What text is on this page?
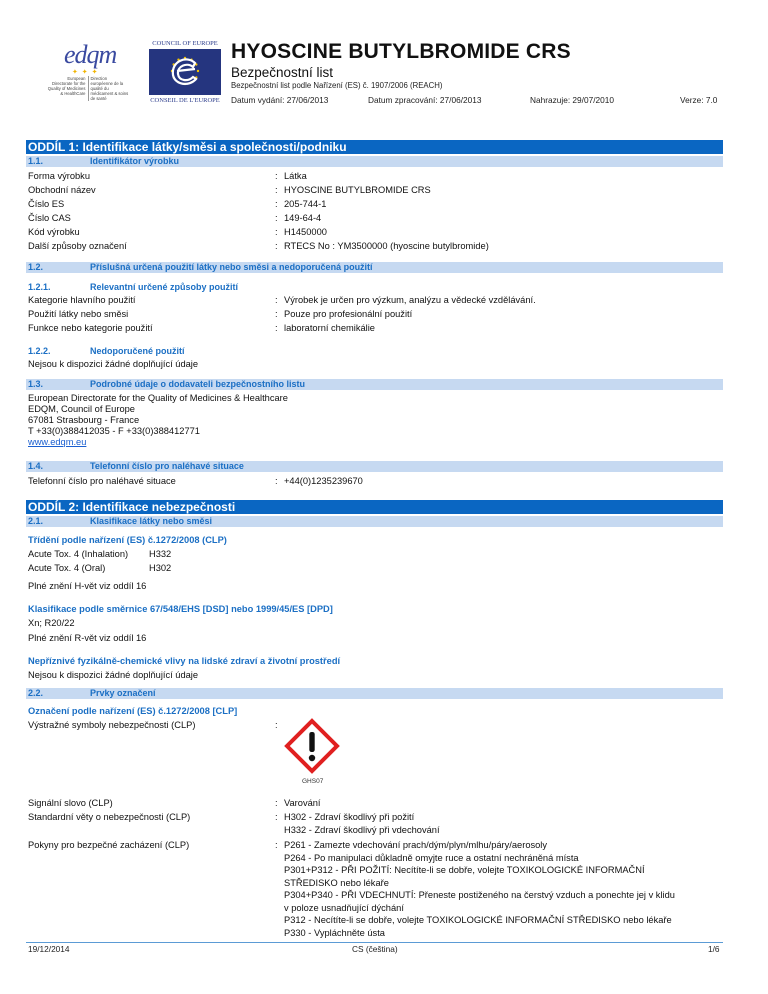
edqm
✦ ✦ ✦
European Directorate for the Quality of Medicines & HealthCare
Direction européenne de la qualité du médicament & soins de santé
COUNCIL OF EUROPE
CONSEIL DE L'EUROPE
HYOSCINE BUTYLBROMIDE CRS
Bezpečnostní list
Bezpečnostní list podle Nařízení (ES) č. 1907/2006 (REACH)
Datum vydání: 27/06/2013	Datum zpracování: 27/06/2013	Nahrazuje: 29/07/2010	Verze: 7.0
ODDÍL 1: Identifikace látky/směsi a společnosti/podniku
1.1.	Identifikátor výrobku
Forma výrobku	: Látka
Obchodní název	: HYOSCINE BUTYLBROMIDE CRS
Číslo ES	: 205-744-1
Číslo CAS	: 149-64-4
Kód výrobku	: H1450000
Další způsoby označení	: RTECS No : YM3500000 (hyoscine butylbromide)
1.2.	Příslušná určená použití látky nebo směsi a nedoporučená použití
1.2.1.	Relevantní určené způsoby použití
Kategorie hlavního použití	: Výrobek je určen pro výzkum, analýzu a vědecké vzdělávání.
Použití látky nebo směsi	: Pouze pro profesionální použití
Funkce nebo kategorie použití	: laboratorní chemikálie
1.2.2.	Nedoporučené použití
Nejsou k dispozici žádné doplňující údaje
1.3.	Podrobné údaje o dodavateli bezpečnostního listu
European Directorate for the Quality of Medicines & Healthcare
EDQM, Council of Europe
67081 Strasbourg - France
T +33(0)388412035 - F +33(0)388412771
www.edqm.eu
1.4.	Telefonní číslo pro naléhavé situace
Telefonní číslo pro naléhavé situace	: +44(0)1235239670
ODDÍL 2: Identifikace nebezpečnosti
2.1.	Klasifikace látky nebo směsi
Třídění podle nařízení (ES) č.1272/2008 (CLP)
Acute Tox. 4 (Inhalation) H332
Acute Tox. 4 (Oral)	H302
Plné znění H-vět viz oddíl 16
Klasifikace podle směrnice 67/548/EHS [DSD] nebo 1999/45/ES [DPD]
Xn; R20/22
Plné znění R-vět viz oddíl 16
Nepříznivé fyzikálně-chemické vlivy na lidské zdraví a životní prostředí
Nejsou k dispozici žádné doplňující údaje
2.2.	Prvky označení
Označení podle nařízení (ES) č.1272/2008 [CLP]
Výstražné symboly nebezpečnosti (CLP)	:
GHS07
Signální slovo (CLP)	: Varování
Standardní věty o nebezpečnosti (CLP)	: H302 - Zdraví škodlivý při požití
H332 - Zdraví škodlivý při vdechování
Pokyny pro bezpečné zacházení (CLP)	: P261 - Zamezte vdechování prach/dým/plyn/mlhu/páry/aerosoly
P264 - Po manipulaci důkladně omyjte ruce a ostatní nechráněná místa
P301+P312 - PŘI POŽITÍ: Necítíte-li se dobře, volejte TOXIKOLOGICKÉ INFORMAČNÍ
STŘEDISKO nebo lékaře
P304+P340 - PŘI VDECHNUTÍ: Přeneste postiženého na čerstvý vzduch a ponechte jej v klidu
v poloze usnadňující dýchání
P312 - Necítíte-li se dobře, volejte TOXIKOLOGICKÉ INFORMAČNÍ STŘEDISKO nebo lékaře
P330 - Vypláchněte ústa
19/12/2014	CS (čeština)	1/6
